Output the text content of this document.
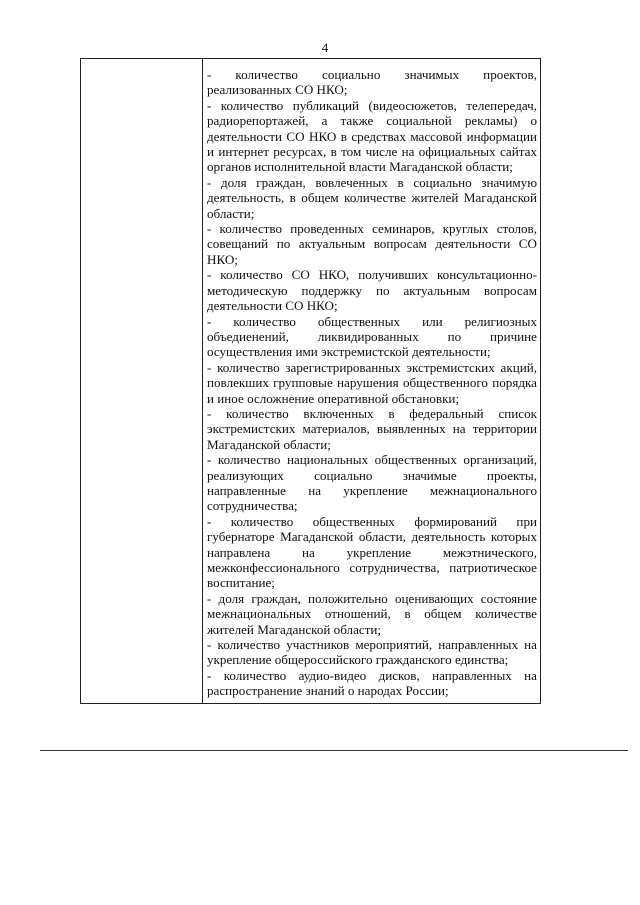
4

- количество социально значимых проектов, реализованных СО НКО;

- количество публикаций (видеосюжетов, телепередач, радиорепортажей, а также социальной рекламы) о деятельности СО НКО в средствах массовой информации и интернет ресурсах, в том числе на официальных сайтах органов исполнительной власти Магаданской области;

- доля граждан, вовлеченных в социально значимую деятельность, в общем количестве жителей Магаданской области;

- количество проведенных семинаров, круглых столов, совещаний по актуальным вопросам деятельности СО НКО;

- количество СО НКО, получивших консультационно-методическую поддержку по актуальным вопросам деятельности СО НКО;

- количество общественных или религиозных объедиенений, ликвидированных по причине осуществления ими экстремистской деятельности;

- количество зарегистрированных экстремистских акций, повлекших групповые нарушения общественного порядка и иное осложнение оперативной обстановки;

- количество включенных в федеральный список экстремистских материалов, выявленных на территории Магаданской области;

- количество национальных общественных организаций, реализующих социально значимые проекты, направленные на укрепление межнационального сотрудничества;

- количество общественных формирований при губернаторе Магаданской области, деятельность которых направлена на укрепление межэтнического, межконфессионального сотрудничества, патриотическое воспитание;

- доля граждан, положительно оценивающих состояние межнациональных отношений, в общем количестве жителей Магаданской области;

- количество участников мероприятий, направленных на укрепление общероссийского гражданского единства;

- количество аудио-видео дисков, направленных на распространение знаний о народах России;
